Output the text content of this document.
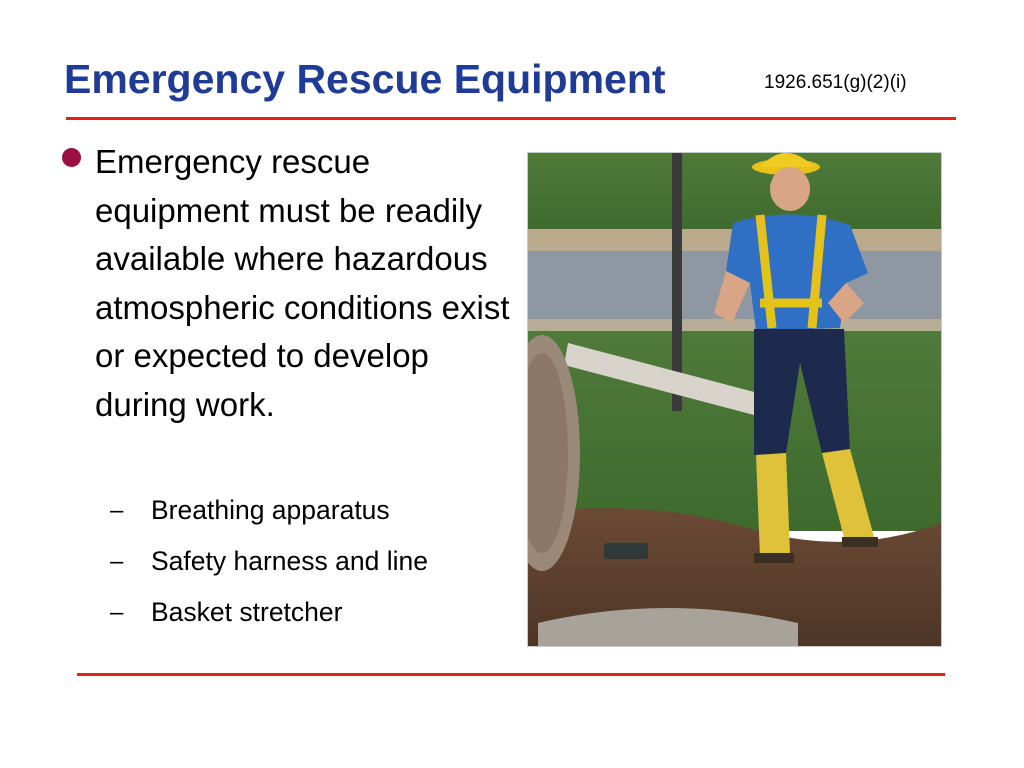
Emergency Rescue Equipment	1926.651(g)(2)(i)

Emergency rescue equipment must be readily available where hazardous atmospheric conditions exist or expected to develop during work.

–	Breathing apparatus
–	Safety harness and line
–	Basket stretcher
